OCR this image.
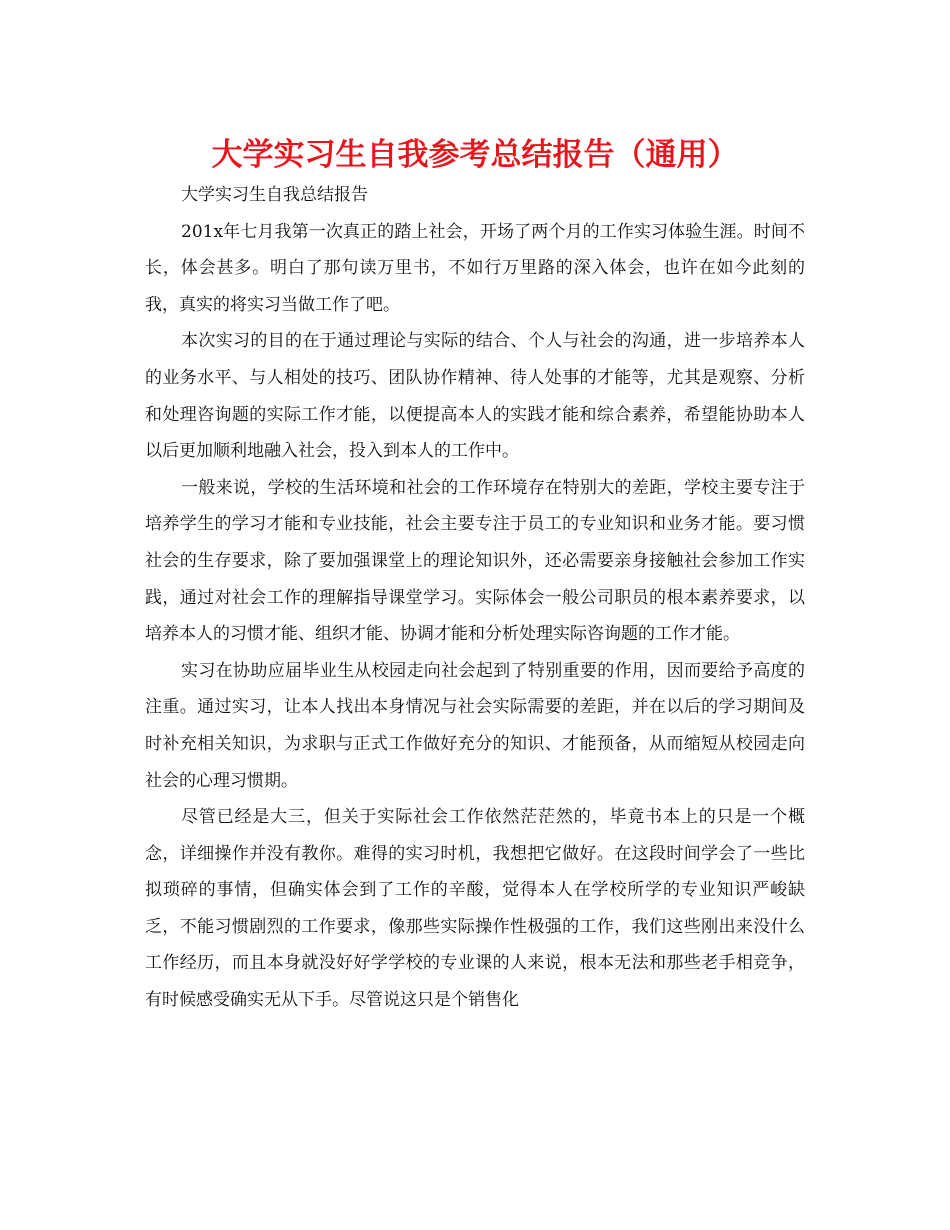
大学实习生自我参考总结报告（通用）

大学实习生自我总结报告

201x年七月我第一次真正的踏上社会，开场了两个月的工作实习体验生涯。时间不长，体会甚多。明白了那句读万里书，不如行万里路的深入体会，也许在如今此刻的我，真实的将实习当做工作了吧。

本次实习的目的在于通过理论与实际的结合、个人与社会的沟通，进一步培养本人的业务水平、与人相处的技巧、团队协作精神、待人处事的才能等，尤其是观察、分析和处理咨询题的实际工作才能，以便提高本人的实践才能和综合素养，希望能协助本人以后更加顺利地融入社会，投入到本人的工作中。

一般来说，学校的生活环境和社会的工作环境存在特别大的差距，学校主要专注于培养学生的学习才能和专业技能，社会主要专注于员工的专业知识和业务才能。要习惯社会的生存要求，除了要加强课堂上的理论知识外，还必需要亲身接触社会参加工作实践，通过对社会工作的理解指导课堂学习。实际体会一般公司职员的根本素养要求，以培养本人的习惯才能、组织才能、协调才能和分析处理实际咨询题的工作才能。

实习在协助应届毕业生从校园走向社会起到了特别重要的作用，因而要给予高度的注重。通过实习，让本人找出本身情况与社会实际需要的差距，并在以后的学习期间及时补充相关知识，为求职与正式工作做好充分的知识、才能预备，从而缩短从校园走向社会的心理习惯期。

尽管已经是大三，但关于实际社会工作依然茫茫然的，毕竟书本上的只是一个概念，详细操作并没有教你。难得的实习时机，我想把它做好。在这段时间学会了一些比拟琐碎的事情，但确实体会到了工作的辛酸，觉得本人在学校所学的专业知识严峻缺乏，不能习惯剧烈的工作要求，像那些实际操作性极强的工作，我们这些刚出来没什么工作经历，而且本身就没好好学学校的专业课的人来说，根本无法和那些老手相竞争，有时候感受确实无从下手。尽管说这只是个销售化
